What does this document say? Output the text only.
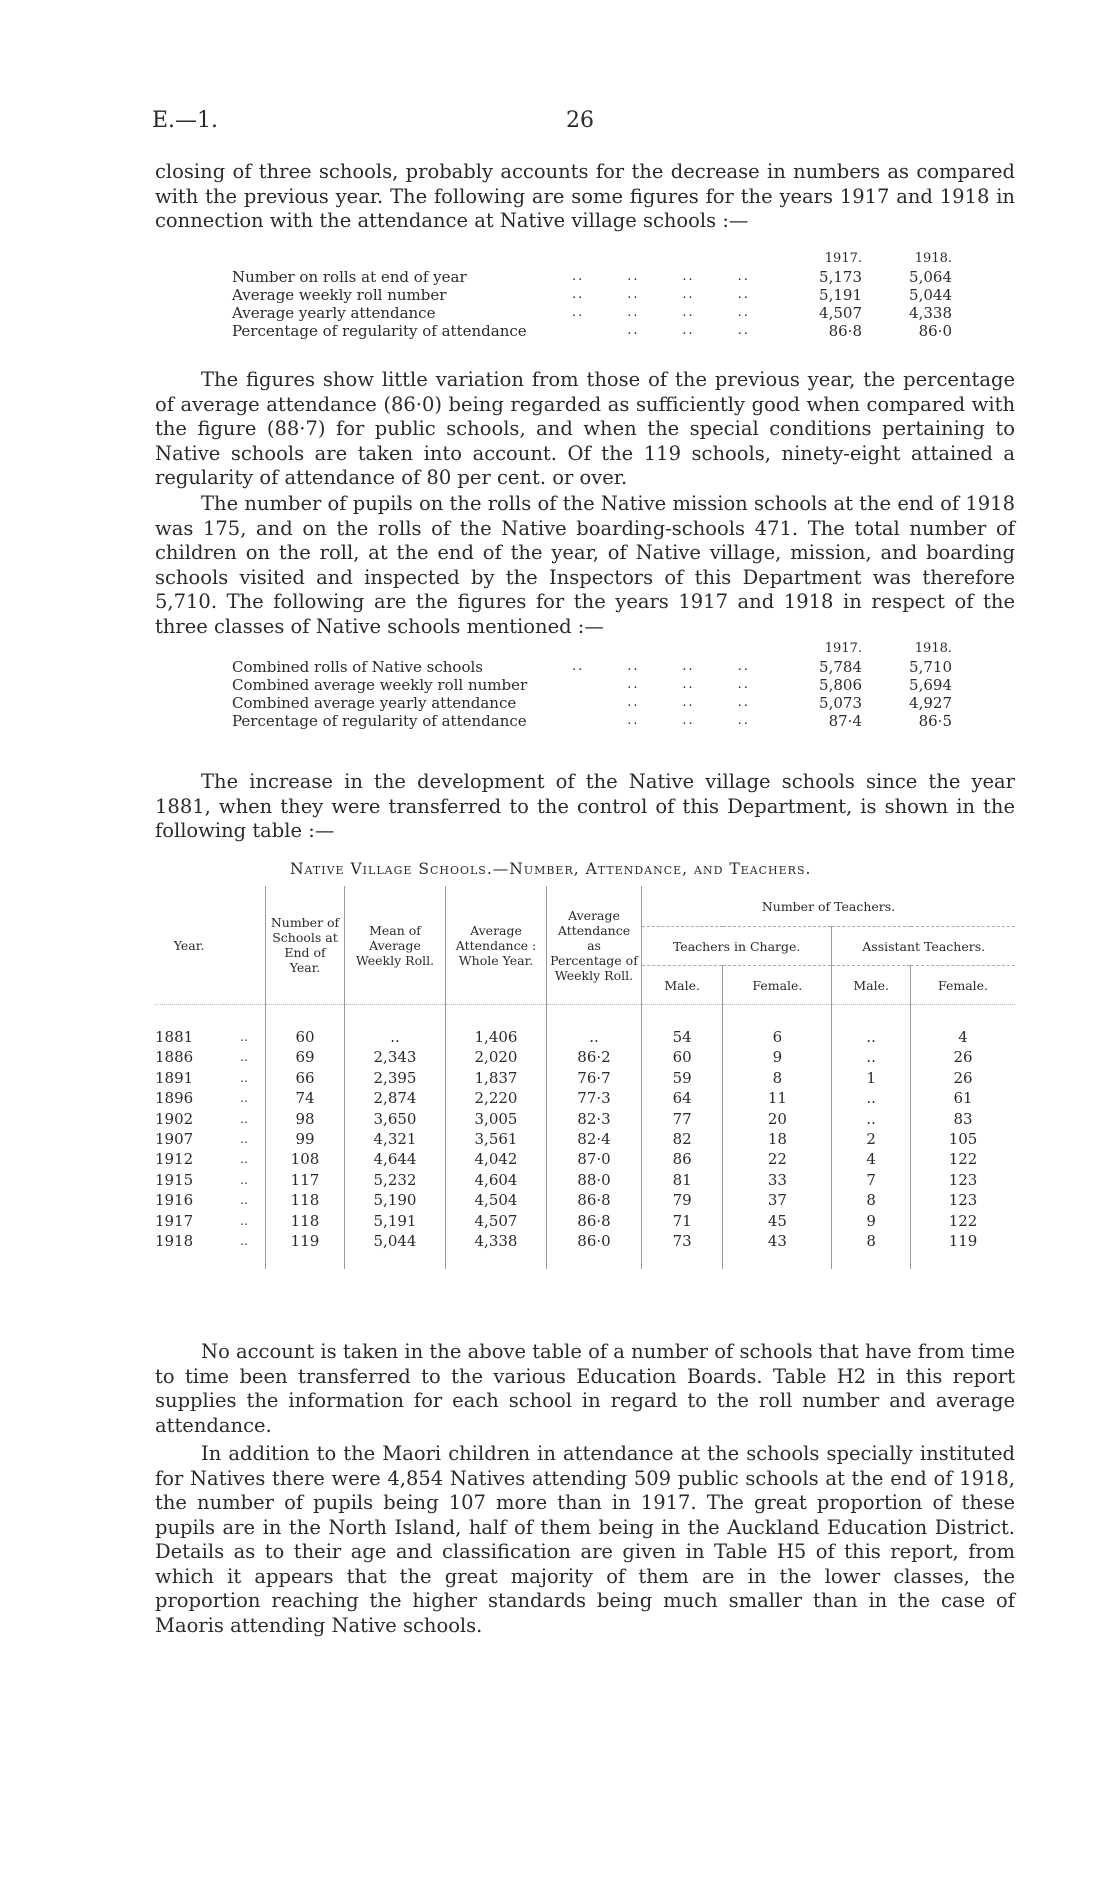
E.—1.	26

closing of three schools, probably accounts for the decrease in numbers as compared with the previous year. The following are some figures for the years 1917 and 1918 in connection with the attendance at Native village schools :—

1917.	1918.
Number on rolls at end of year	..       ..       ..       ..	5,173	5,064
Average weekly roll number	..       ..       ..       ..	5,191	5,044
Average yearly attendance	..       ..       ..       ..	4,507	4,338
Percentage of regularity of attendance	..       ..       ..	86·8	86·0

The figures show little variation from those of the previous year, the percentage of average attendance (86·0) being regarded as sufficiently good when compared with the figure (88·7) for public schools, and when the special conditions pertaining to Native schools are taken into account. Of the 119 schools, ninety-eight attained a regularity of attendance of 80 per cent. or over.

The number of pupils on the rolls of the Native mission schools at the end of 1918 was 175, and on the rolls of the Native boarding-schools 471. The total number of children on the roll, at the end of the year, of Native village, mission, and boarding schools visited and inspected by the Inspectors of this Department was therefore 5,710. The following are the figures for the years 1917 and 1918 in respect of the three classes of Native schools mentioned :—

1917.	1918.
Combined rolls of Native schools	..       ..       ..       ..	5,784	5,710
Combined average weekly roll number	..       ..       ..	5,806	5,694
Combined average yearly attendance	..       ..       ..	5,073	4,927
Percentage of regularity of attendance	..       ..       ..	87·4	86·5

The increase in the development of the Native village schools since the year 1881, when they were transferred to the control of this Department, is shown in the following table :—

Native Village Schools.—Number, Attendance, and Teachers.
Year.		Number of Schools at End of Year.	Mean of Average Weekly Roll.	Average Attendance : Whole Year.	Average Attendance as Percentage of Weekly Roll.	Number of Teachers.			
						Teachers in Charge.		Assistant Teachers.	
						Male.	Female.	Male.	Female.

1881	..	60	..	1,406	..	54	6	..	4
1886	..	69	2,343	2,020	86·2	60	9	..	26
1891	..	66	2,395	1,837	76·7	59	8	1	26
1896	..	74	2,874	2,220	77·3	64	11	..	61
1902	..	98	3,650	3,005	82·3	77	20	..	83
1907	..	99	4,321	3,561	82·4	82	18	2	105
1912	..	108	4,644	4,042	87·0	86	22	4	122
1915	..	117	5,232	4,604	88·0	81	33	7	123
1916	..	118	5,190	4,504	86·8	79	37	8	123
1917	..	118	5,191	4,507	86·8	71	45	9	122
1918	..	119	5,044	4,338	86·0	73	43	8	119

No account is taken in the above table of a number of schools that have from time to time been transferred to the various Education Boards. Table H2 in this report supplies the information for each school in regard to the roll number and average attendance.

In addition to the Maori children in attendance at the schools specially instituted for Natives there were 4,854 Natives attending 509 public schools at the end of 1918, the number of pupils being 107 more than in 1917. The great proportion of these pupils are in the North Island, half of them being in the Auckland Education District. Details as to their age and classification are given in Table H5 of this report, from which it appears that the great majority of them are in the lower classes, the proportion reaching the higher standards being much smaller than in the case of Maoris attending Native schools.
